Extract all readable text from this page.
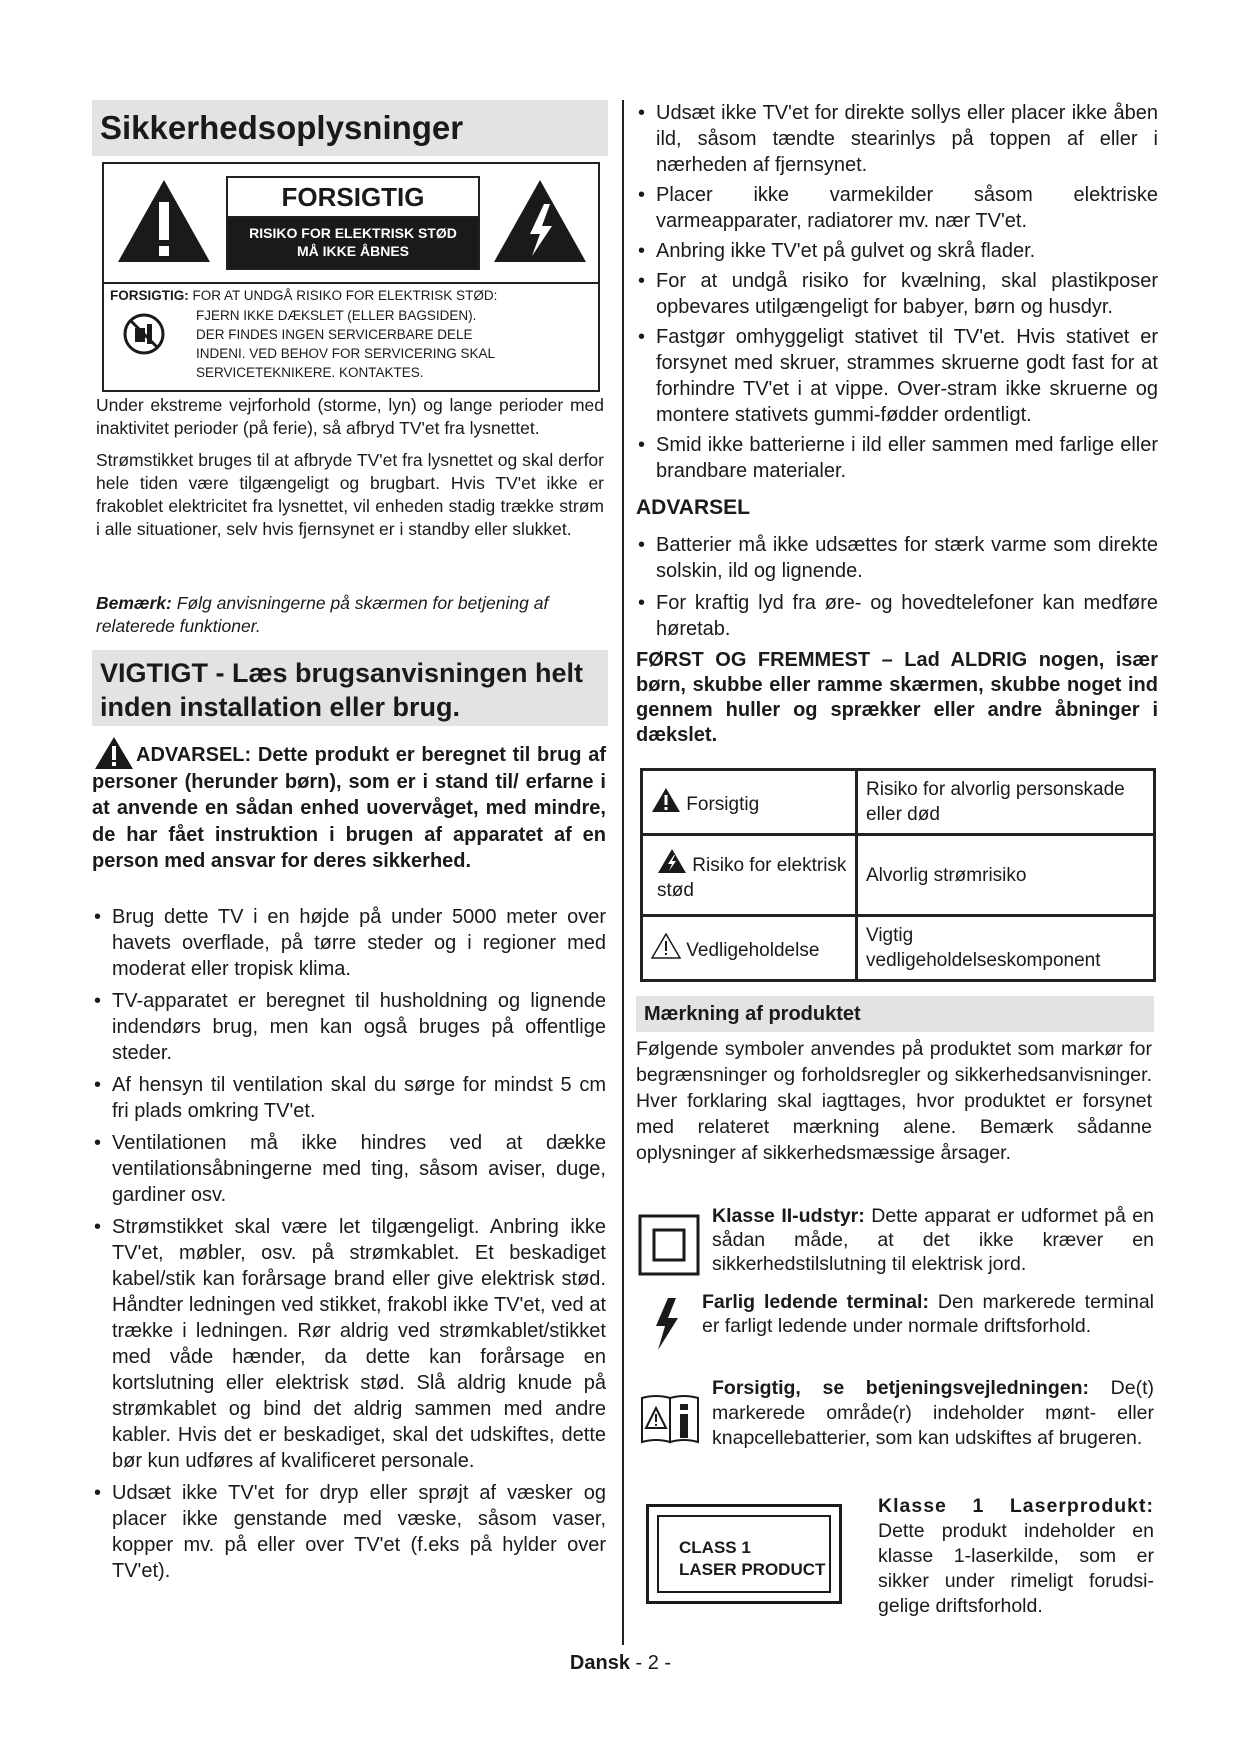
Sikkerhedsoplysninger
FORSIGTIG
RISIKO FOR ELEKTRISK STØD
MÅ IKKE ÅBNES
FORSIGTIG: FOR AT UNDGÅ RISIKO FOR ELEKTRISK STØD:
FJERN IKKE DÆKSLET (ELLER BAGSIDEN).
DER FINDES INGEN SERVICERBARE DELE
INDENI. VED BEHOV FOR SERVICERING SKAL
SERVICETEKNIKERE. KONTAKTES.

Under ekstreme vejrforhold (storme, lyn) og lange perioder med inaktivitet perioder (på ferie), så afbryd TV'et fra lysnettet.

Strømstikket bruges til at afbryde TV'et fra lysnettet og skal derfor hele tiden være tilgængeligt og brugbart. Hvis TV'et ikke er frakoblet elektricitet fra lysnettet, vil enheden stadig trække strøm i alle situationer, selv hvis fjernsynet er i standby eller slukket.

Bemærk: Følg anvisningerne på skærmen for betjening af relaterede funktioner.

VIGTIGT - Læs brugsanvisningen helt
inden installation eller brug.

ADVARSEL: Dette produkt er beregnet til brug af personer (herunder børn), som er i stand til/ erfarne i at anvende en sådan enhed uovervåget, med mindre, de har fået instruktion i brugen af apparatet af en person med ansvar for deres sikkerhed.

• Brug dette TV i en højde på under 5000 meter over havets overflade, på tørre steder og i regioner med moderat eller tropisk klima.
• TV-apparatet er beregnet til husholdning og lignende indendørs brug, men kan også bruges på offentlige steder.
• Af hensyn til ventilation skal du sørge for mindst 5 cm fri plads omkring TV'et.
• Ventilationen må ikke hindres ved at dække ventilationsåbningerne med ting, såsom aviser, duge, gardiner osv.
• Strømstikket skal være let tilgængeligt. Anbring ikke TV'et, møbler, osv. på strømkablet. Et beskadiget kabel/stik kan forårsage brand eller give elektrisk stød. Håndter ledningen ved stikket, frakobl ikke TV'et, ved at trække i ledningen. Rør aldrig ved strømkablet/stikket med våde hænder, da dette kan forårsage en kortslutning eller elektrisk stød. Slå aldrig knude på strømkablet og bind det aldrig sammen med andre kabler. Hvis det er beskadiget, skal det udskiftes, dette bør kun udføres af kvalificeret personale.
• Udsæt ikke TV'et for dryp eller sprøjt af væsker og placer ikke genstande med væske, såsom vaser, kopper mv. på eller over TV'et (f.eks på hylder over TV'et).
• Udsæt ikke TV'et for direkte sollys eller placer ikke åben ild, såsom tændte stearinlys på toppen af eller i nærheden af fjernsynet.
• Placer ikke varmekilder såsom elektriske varmeapparater, radiatorer mv. nær TV'et.
• Anbring ikke TV'et på gulvet og skrå flader.
• For at undgå risiko for kvælning, skal plastikposer opbevares utilgængeligt for babyer, børn og husdyr.
• Fastgør omhyggeligt stativet til TV'et. Hvis stativet er forsynet med skruer, strammes skruerne godt fast for at forhindre TV'et i at vippe. Over-stram ikke skruerne og montere stativets gummi-fødder ordentligt.
• Smid ikke batterierne i ild eller sammen med farlige eller brandbare materialer.
ADVARSEL
• Batterier må ikke udsættes for stærk varme som direkte solskin, ild og lignende.
• For kraftig lyd fra øre- og hovedtelefoner kan medføre høretab.

FØRST OG FREMMEST – Lad ALDRIG nogen, især børn, skubbe eller ramme skærmen, skubbe noget ind gennem huller og sprækker eller andre åbninger i dækslet.

Forsigtig	Risiko for alvorlig personskade eller død

Risiko for elektrisk stød	Alvorlig strømrisiko
Vedligeholdelse	Vigtig vedligeholdelseskomponent
Mærkning af produktet

Følgende symboler anvendes på produktet som markør for begrænsninger og forholdsregler og sikkerhedsanvisninger. Hver forklaring skal iagttages, hvor produktet er forsynet med relateret mærkning alene. Bemærk sådanne oplysninger af sikkerhedsmæssige årsager.

Klasse II-udstyr: Dette apparat er udformet på en sådan måde, at det ikke kræver en sikkerhedstilslutning til elektrisk jord.

Farlig ledende terminal: Den markerede terminal er farligt ledende under normale driftsforhold.

Forsigtig, se betjeningsvejledningen: De(t) markerede område(r) indeholder mønt- eller knapcellebatterier, som kan udskiftes af brugeren.

CLASS 1
LASER PRODUCT

Klasse 1 Laserprodukt: Dette produkt indeholder en klasse 1-laserkilde, som er sikker under rimeligt forudsi-gelige driftsforhold.

Dansk - 2 -
